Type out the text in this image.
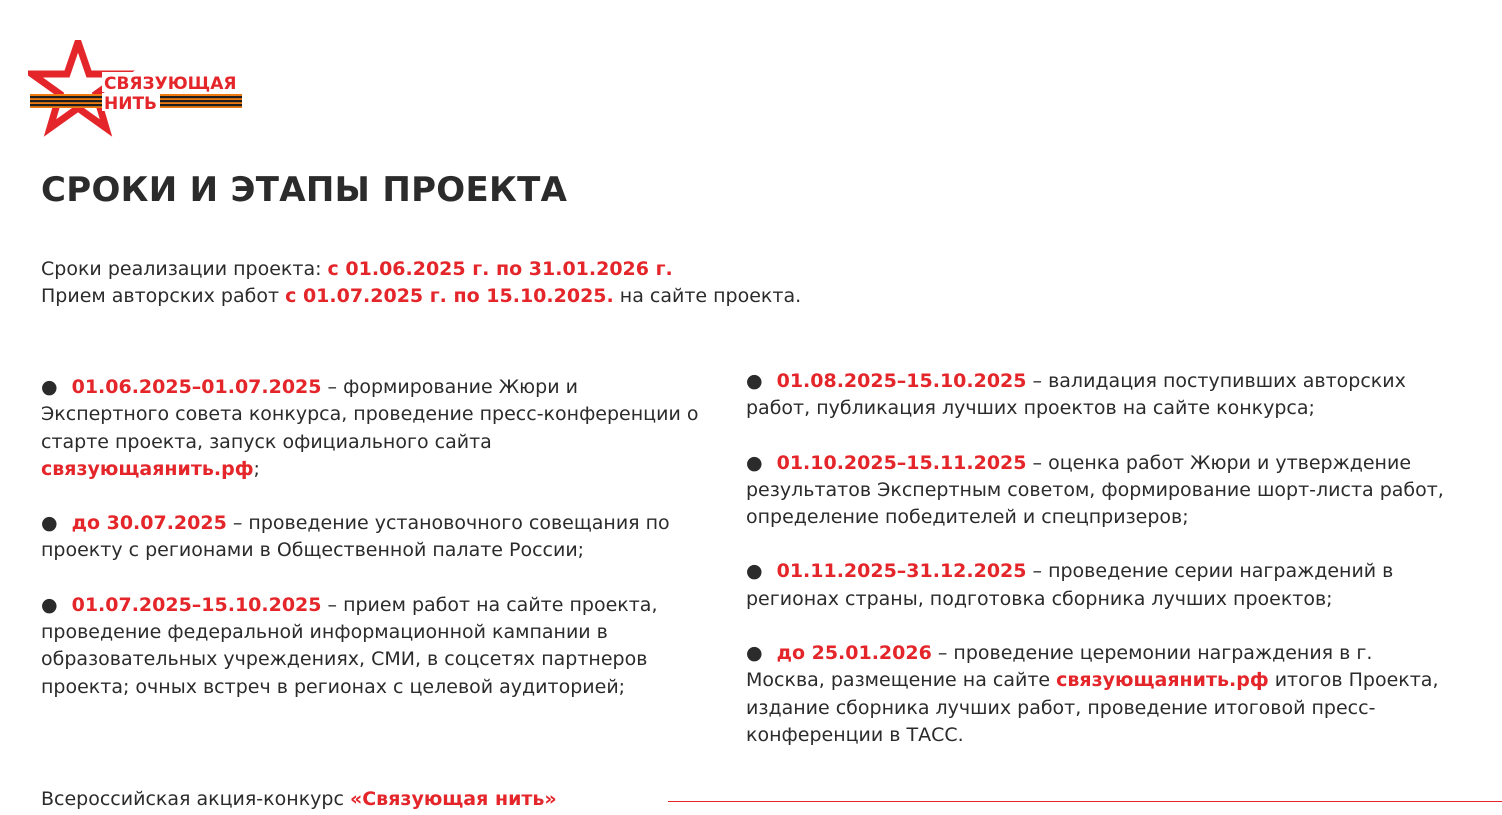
СВЯЗУЮЩАЯ
НИТЬ
СРОКИ И ЭТАПЫ ПРОЕКТА
Сроки реализации проекта: с 01.06.2025 г. по 31.01.2026 г.
Прием авторских работ с 01.07.2025 г. по 15.10.2025. на сайте проекта.

● 01.06.2025–01.07.2025 – формирование Жюри и Экспертного совета конкурса, проведение пресс-конференции о старте проекта, запуск официального сайта связующаянить.рф;

● до 30.07.2025 – проведение установочного совещания по проекту с регионами в Общественной палате России;

● 01.07.2025–15.10.2025 – прием работ на сайте проекта, проведение федеральной информационной кампании в образовательных учреждениях, СМИ, в соцсетях партнеров проекта; очных встреч в регионах с целевой аудиторией;

● 01.08.2025–15.10.2025 – валидация поступивших авторских работ, публикация лучших проектов на сайте конкурса;

● 01.10.2025–15.11.2025 – оценка работ Жюри и утверждение результатов Экспертным советом, формирование шорт-листа работ, определение победителей и спецпризеров;

● 01.11.2025–31.12.2025 – проведение серии награждений в регионах страны, подготовка сборника лучших проектов;

● до 25.01.2026 – проведение церемонии награждения в г. Москва, размещение на сайте связующаянить.рф итогов Проекта, издание сборника лучших работ, проведение итоговой пресс-конференции в ТАСС.

Всероссийская акция-конкурс «Связующая нить»
